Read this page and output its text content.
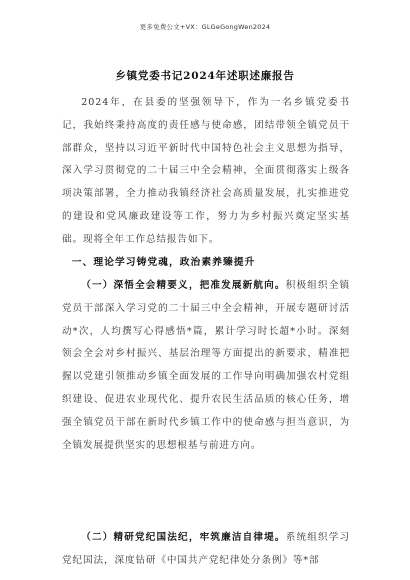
更多免费公文+VX：GLGeGongWen2024
乡镇党委书记2024年述职述廉报告

2024年，在县委的坚强领导下，作为一名乡镇党委书记，我始终秉持高度的责任感与使命感，团结带领全镇党员干部群众，坚持以习近平新时代中国特色社会主义思想为指导，深入学习贯彻党的二十届三中全会精神，全面贯彻落实上级各项决策部署，全力推动我镇经济社会高质量发展，扎实推进党的建设和党风廉政建设等工作，努力为乡村振兴奠定坚实基础。现将全年工作总结报告如下。

一、理论学习铸党魂，政治素养臻提升

（一）深悟全会精要义，把准发展新航向。积极组织全镇党员干部深入学习党的二十届三中全会精神，开展专题研讨活动*次，人均撰写心得感悟*篇，累计学习时长超*小时。深刻领会全会对乡村振兴、基层治理等方面提出的新要求，精准把握以党建引领推动乡镇全面发展的工作导向明确加强农村党组织建设、促进农业现代化、提升农民生活品质的核心任务，增强全镇党员干部在新时代乡镇工作中的使命感与担当意识，为全镇发展提供坚实的思想根基与前进方向。

（二）精研党纪国法纪，牢筑廉洁自律堤。系统组织学习党纪国法，深度钻研《中国共产党纪律处分条例》等*部
